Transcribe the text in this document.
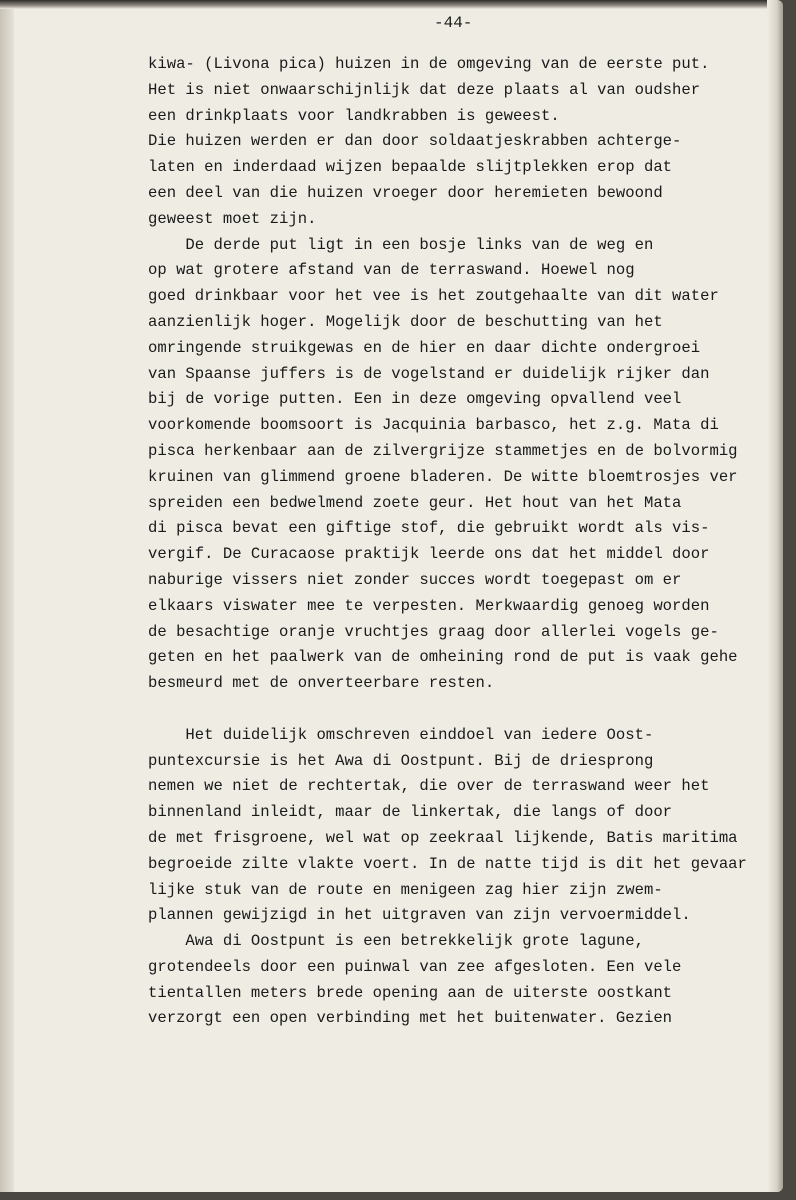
-44-
kiwa- (Livona pica) huizen in de omgeving van de eerste put.
Het is niet onwaarschijnlijk dat deze plaats al van oudsher
een drinkplaats voor landkrabben is geweest.
Die huizen werden er dan door soldaatjeskrabben achterge-
laten en inderdaad wijzen bepaalde slijtplekken erop dat
een deel van die huizen vroeger door heremieten bewoond
geweest moet zijn.
De derde put ligt in een bosje links van de weg en
op wat grotere afstand van de terraswand. Hoewel nog
goed drinkbaar voor het vee is het zoutgehaalte van dit water
aanzienlijk hoger. Mogelijk door de beschutting van het
omringende struikgewas en de hier en daar dichte ondergroei
van Spaanse juffers is de vogelstand er duidelijk rijker dan
bij de vorige putten. Een in deze omgeving opvallend veel
voorkomende boomsoort is Jacquinia barbasco, het z.g. Mata di
pisca herkenbaar aan de zilvergrijze stammetjes en de bolvormig
kruinen van glimmend groene bladeren. De witte bloemtrosjes ver
spreiden een bedwelmend zoete geur. Het hout van het Mata
di pisca bevat een giftige stof, die gebruikt wordt als vis-
vergif. De Curacaose praktijk leerde ons dat het middel door
naburige vissers niet zonder succes wordt toegepast om er
elkaars viswater mee te verpesten. Merkwaardig genoeg worden
de besachtige oranje vruchtjes graag door allerlei vogels ge-
geten en het paalwerk van de omheining rond de put is vaak gehe
besmeurd met de onverteerbare resten.
Het duidelijk omschreven einddoel van iedere Oost-
puntexcursie is het Awa di Oostpunt. Bij de driesprong
nemen we niet de rechtertak, die over de terraswand weer het
binnenland inleidt, maar de linkertak, die langs of door
de met frisgroene, wel wat op zeekraal lijkende, Batis maritima
begroeide zilte vlakte voert. In de natte tijd is dit het gevaar
lijke stuk van de route en menigeen zag hier zijn zwem-
plannen gewijzigd in het uitgraven van zijn vervoermiddel.
Awa di Oostpunt is een betrekkelijk grote lagune,
grotendeels door een puinwal van zee afgesloten. Een vele
tientallen meters brede opening aan de uiterste oostkant
verzorgt een open verbinding met het buitenwater. Gezien
